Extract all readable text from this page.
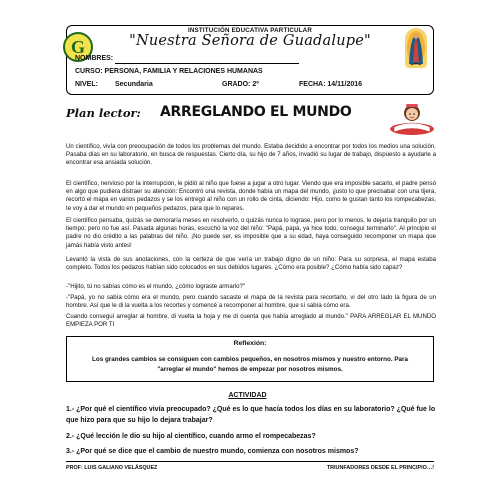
G
INSTITUCIÓN EDUCATIVA PARTICULAR
"Nuestra Señora de Guadalupe"
NOMBRES:
CURSO: PERSONA, FAMILIA Y RELACIONES HUMANAS
NIVEL: Secundaria	GRADO: 2º	FECHA: 14/11/2016
Plan lector: ARREGLANDO EL MUNDO

Un científico, vivía con preocupación de todos los problemas del mundo. Estaba decidido a encontrar por todos los medios una solución. Pasaba días en su laboratorio, en busca de respuestas. Cierto día, su hijo de 7 años, invadió su lugar de trabajo, dispuesto a ayudarle a encontrar esa ansiada solución.

El científico, nervioso por la interrupción, le pidió al niño que fuese a jugar a otro lugar. Viendo que era imposible sacarlo, el padre pensó en algo que pudiera distraer su atención: Encontró una revista, donde había un mapa del mundo, ¡justo lo que precisaba! con una tijera, recortó el mapa en varios pedazos y se los entregó al niño con un rollo de cinta, diciendo: Hijo, como te gustan tanto los rompecabezas, te voy a dar el mundo en pequeños pedazos, para que lo repares.

El científico pensaba, quizás se demoraría meses en resolverlo, o quizás nunca lo lograse, pero por lo menos, le dejaría tranquilo por un tiempo; pero no fue así. Pasada algunas horas, escuchó la voz del niño: "Papá, papá, ya hice todo, conseguí terminarlo". Al principio el padre no dio crédito a las palabras del niño. ¡No puede ser, es imposible que a su edad, haya conseguido recomponer un mapa que jamás había visto antes!

Levantó la vista de sus anotaciones, con la certeza de que vería un trabajo digno de un niño: Para su sorpresa, el mapa estaba completo. Todos los pedazos habían sido colocados en sus debidos lugares. ¿Cómo era posible? ¿Cómo había sido capaz?

-"Hijito, tú no sabías cómo es el mundo, ¿cómo lograste armarlo?"

-"Papá, yo no sabía cómo era el mundo, pero cuando sacaste el mapa de la revista para recortarlo, vi del otro lado la figura de un hombre. Así que le di la vuelta a los recortes y comencé a recomponer al hombre, que sí sabía cómo era.

Cuando conseguí arreglar al hombre, di vuelta la hoja y me di cuenta que había arreglado al mundo." PARA ARREGLAR EL MUNDO EMPIEZA POR TI

Reflexión:
Los grandes cambios se consiguen con cambios pequeños, en nosotros mismos y nuestro entorno. Para "arreglar el mundo" hemos de empezar por nosotros mismos.
ACTIVIDAD

1.- ¿Por qué el científico vivía preocupado? ¿Qué es lo que hacía todos los días en su laboratorio? ¿Qué fue lo que hizo para que su hijo lo dejara trabajar?

2.- ¿Qué lección le dio su hijo al científico, cuando armo el rompecabezas?

3.- ¿Por qué se dice que el cambio de nuestro mundo, comienza con nosotros mismos?

PROF: LUIS GALIANO VELÁSQUEZ	TRIUNFADORES DESDE EL PRINCIPIO…!
